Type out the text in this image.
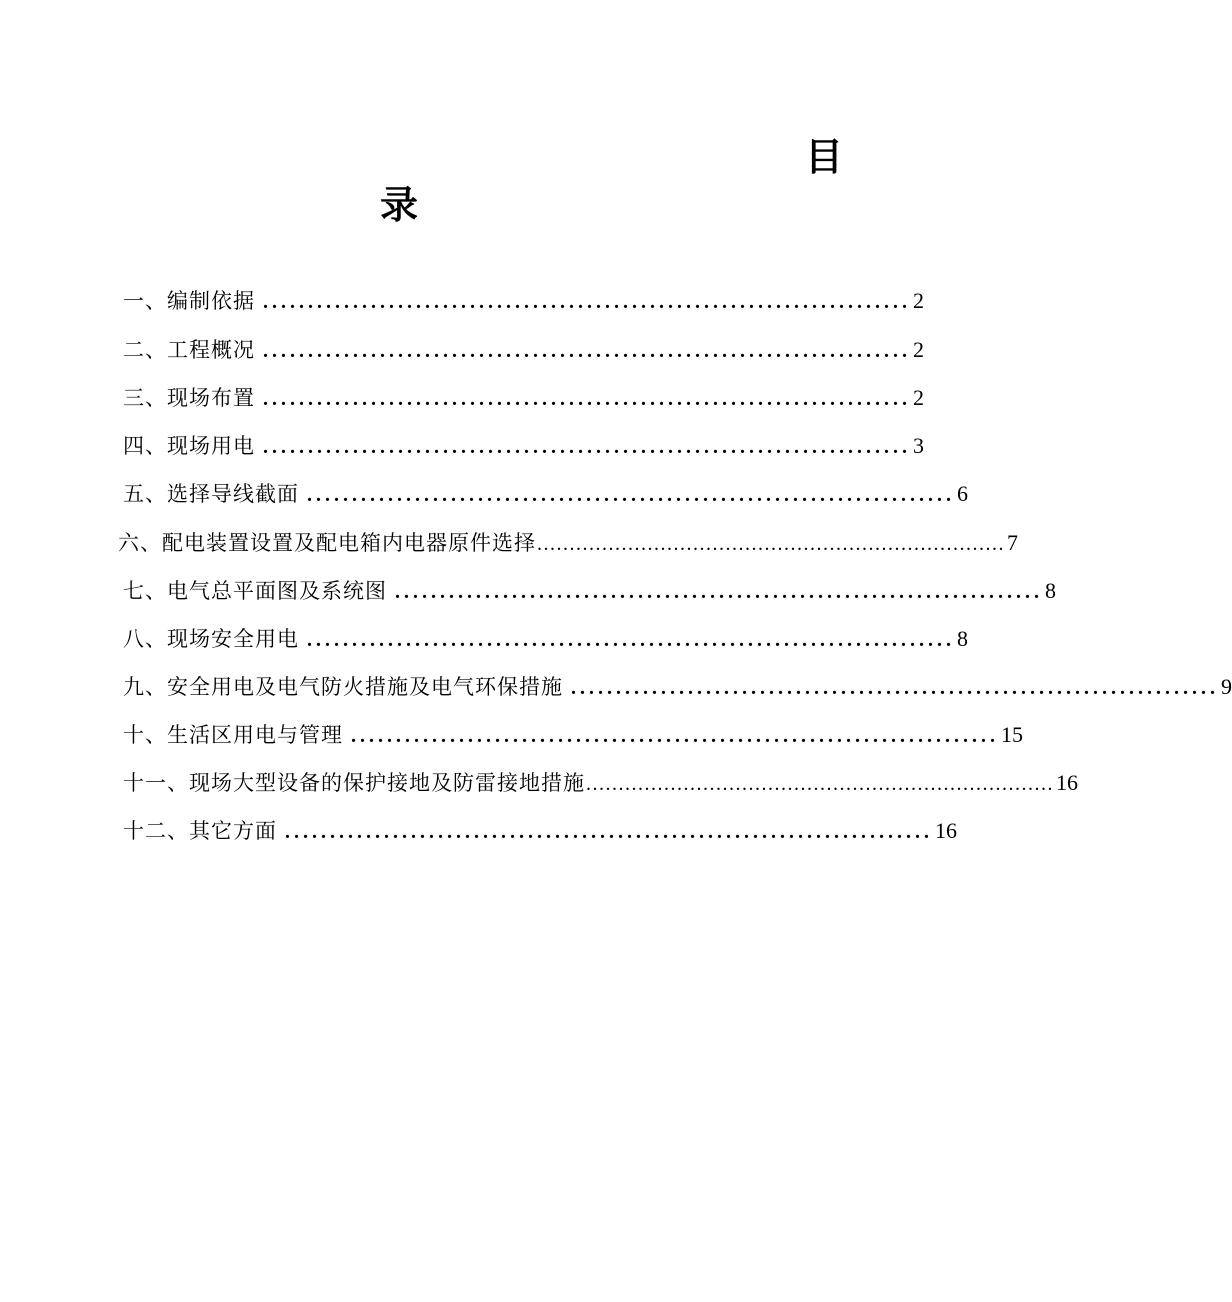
目
录
一、编制依据 ........................................................................ 2
二、工程概况 ........................................................................ 2
三、现场布置 ........................................................................ 2
四、现场用电 ........................................................................ 3
五、选择导线截面 ........................................................................ 6
六、配电装置设置及配电箱内电器原件选择 ........................................................................ 7
七、电气总平面图及系统图 ........................................................................ 8
八、现场安全用电 ........................................................................ 8
九、安全用电及电气防火措施及电气环保措施 ........................................................................ 9
十、生活区用电与管理 ........................................................................ 15
十一、现场大型设备的保护接地及防雷接地措施 ........................................................................ 16
十二、其它方面 ........................................................................ 16
